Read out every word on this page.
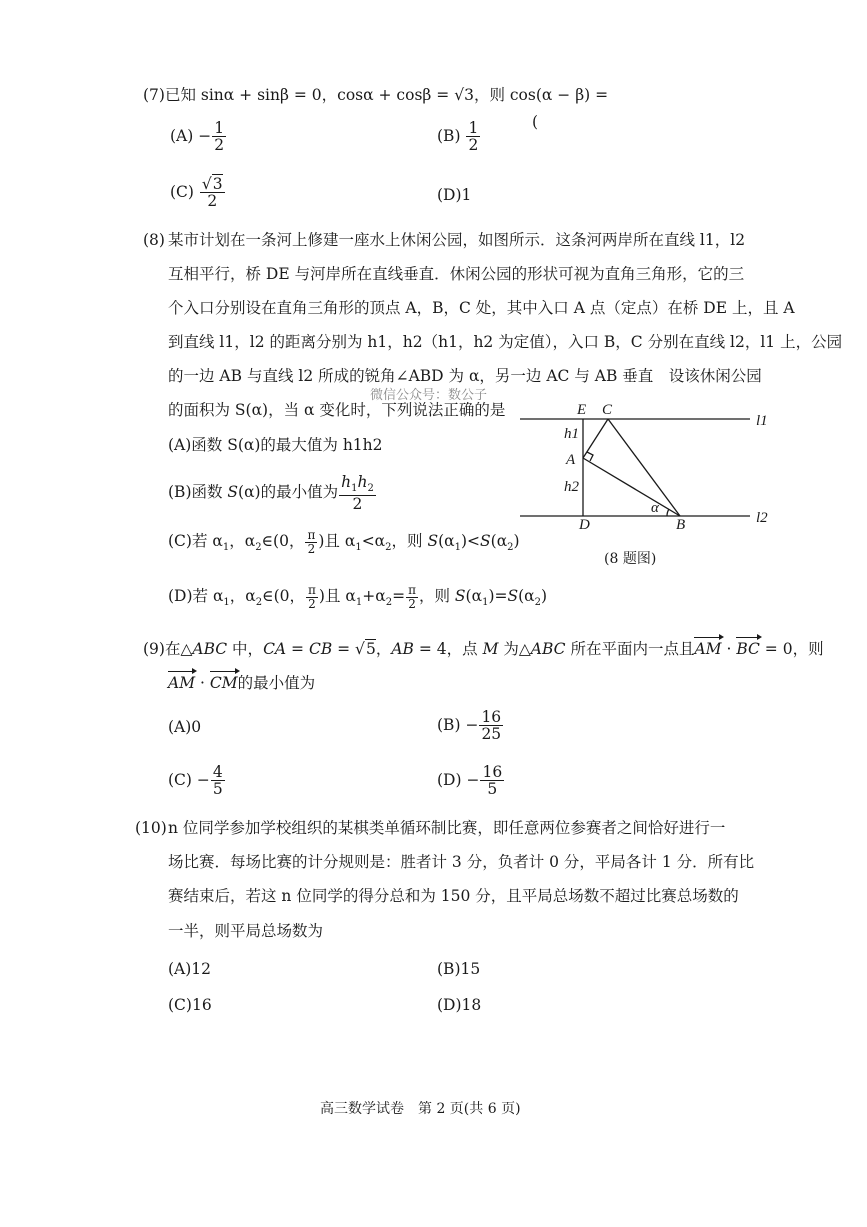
(7)已知 sinα + sinβ = 0，cosα + cosβ = √3，则 cos(α − β) =
(
$(A) - \frac{1}{2}$	$(B) \frac{1}{2}$
$(C) \frac{√3}{2}$	(D)1
(8) 某市计划在一条河上修建一座水上休闲公园，如图所示．这条河两岸所在直线 l1，l2
互相平行，桥 DE 与河岸所在直线垂直．休闲公园的形状可视为直角三角形，它的三
个入口分别设在直角三角形的顶点 A，B，C 处，其中入口 A 点（定点）在桥 DE 上，且 A
到直线 l1，l2 的距离分别为 h1，h2（h1，h2 为定值），入口 B，C 分别在直线 l2，l1 上，公园
的一边 AB 与直线 l2 所成的锐角∠ABD 为 α，另一边 AC 与 AB 垂直　设该休闲公园
的面积为 S(α)，当 α 变化时，下列说法正确的是
微信公众号：数公子
(A)函数 S(α)的最大值为 h1h2
(B)函数 S(α)的最小值为 $\frac{h_1h_2}{2}$
(C)若 $\alpha_1$，$\alpha_2\in(0$， $\frac{\pi}{2}$ )且 $\alpha_1<\alpha_2$，则 $S(\alpha_1)<S(\alpha_2)$
(D)若 $\alpha_1$，$\alpha_2\in(0$， $\frac{\pi}{2}$ )且 $\alpha_1+\alpha_2= \frac{\pi}{2}$ ，则 $S(\alpha_1)=S(\alpha_2)$
E C
A
D	B
h1
h2
l1
l2
α
(8 题图)
(9)在△ABC 中，CA = CB = √5，AB = 4，点 M 为△ABC 所在平面内一点且AM · BC = 0，则
AM · CM的最小值为
(A)0	$(B) - \frac{16}{25}$
$(C) - \frac{4}{5}$	$(D) - \frac{16}{5}$
(10) n 位同学参加学校组织的某棋类单循环制比赛，即任意两位参赛者之间恰好进行一
场比赛．每场比赛的计分规则是：胜者计 3 分，负者计 0 分，平局各计 1 分．所有比
赛结束后，若这 n 位同学的得分总和为 150 分，且平局总场数不超过比赛总场数的
一半，则平局总场数为
(A)12	(B)15
(C)16	(D)18
高三数学试卷　第 2 页(共 6 页)
